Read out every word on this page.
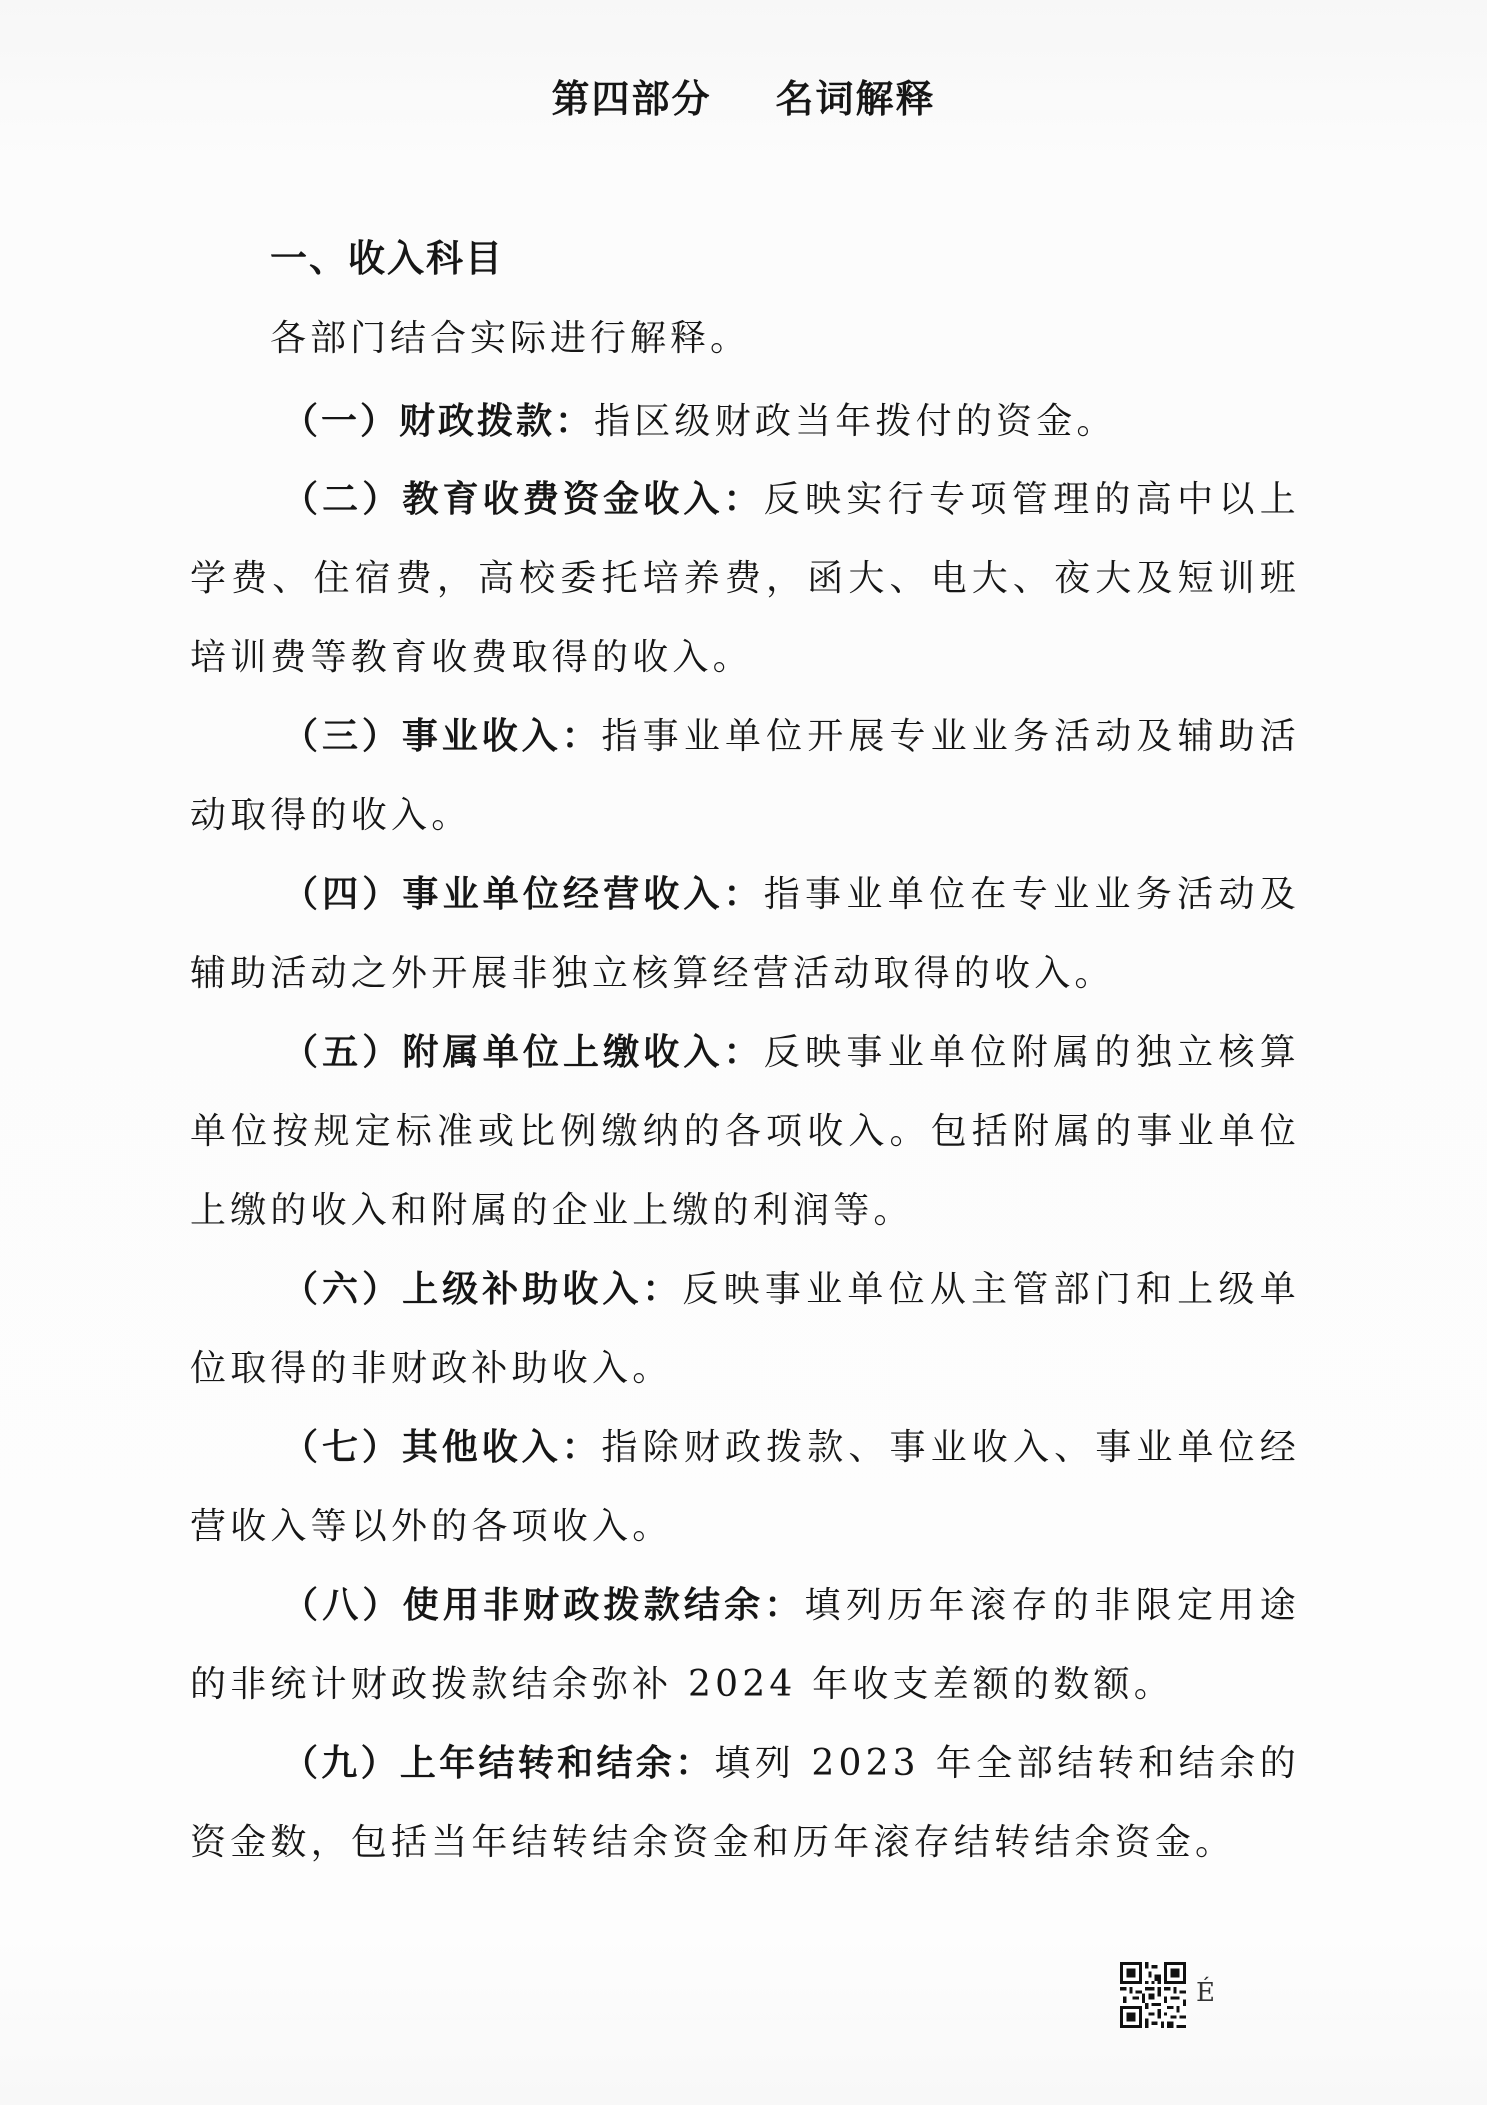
第四部分 名词解释
一、收入科目
各部门结合实际进行解释。
（一）财政拨款：指区级财政当年拨付的资金。
（二）教育收费资金收入：反映实行专项管理的高中以上学费、住宿费，高校委托培养费，函大、电大、夜大及短训班培训费等教育收费取得的收入。
（三）事业收入：指事业单位开展专业业务活动及辅助活动取得的收入。
（四）事业单位经营收入：指事业单位在专业业务活动及辅助活动之外开展非独立核算经营活动取得的收入。
（五）附属单位上缴收入：反映事业单位附属的独立核算单位按规定标准或比例缴纳的各项收入。包括附属的事业单位上缴的收入和附属的企业上缴的利润等。
（六）上级补助收入：反映事业单位从主管部门和上级单位取得的非财政补助收入。
（七）其他收入：指除财政拨款、事业收入、事业单位经营收入等以外的各项收入。
（八）使用非财政拨款结余：填列历年滚存的非限定用途的非统计财政拨款结余弥补 2024 年收支差额的数额。
（九）上年结转和结余：填列 2023 年全部结转和结余的资金数，包括当年结转结余资金和历年滚存结转结余资金。
É
